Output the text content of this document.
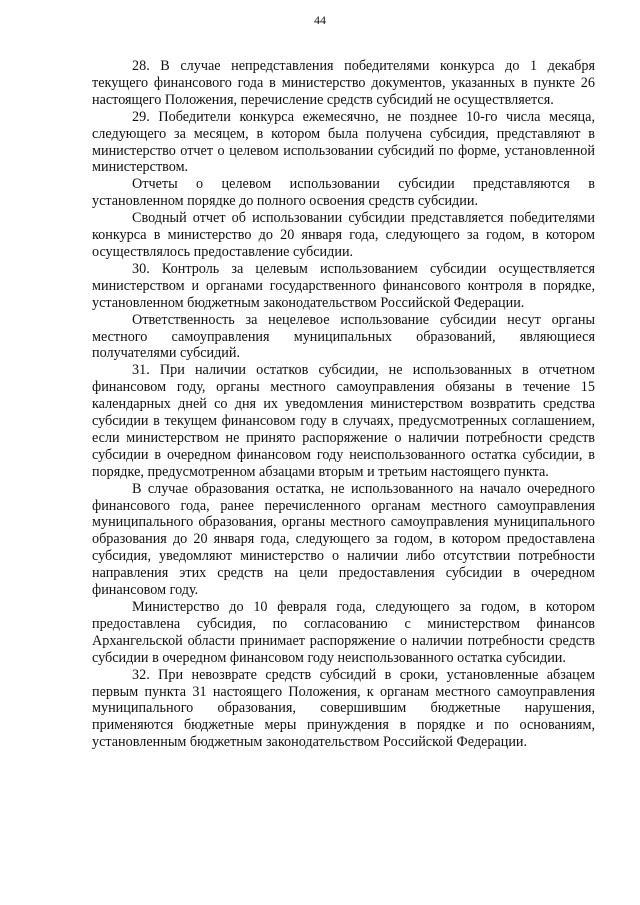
44

28. В случае непредставления победителями конкурса до 1 декабря текущего финансового года в министерство документов, указанных в пункте 26 настоящего Положения, перечисление средств субсидий не осуществляется.

29. Победители конкурса ежемесячно, не позднее 10-го числа месяца, следующего за месяцем, в котором была получена субсидия, представляют в министерство отчет о целевом использовании субсидий по форме, установленной министерством.

Отчеты о целевом использовании субсидии представляются в установленном порядке до полного освоения средств субсидии.

Сводный отчет об использовании субсидии представляется победителями конкурса в министерство до 20 января года, следующего за годом, в котором осуществлялось предоставление субсидии.

30. Контроль за целевым использованием субсидии осуществляется министерством и органами государственного финансового контроля в порядке, установленном бюджетным законодательством Российской Федерации.

Ответственность за нецелевое использование субсидии несут органы местного самоуправления муниципальных образований, являющиеся получателями субсидий.

31. При наличии остатков субсидии, не использованных в отчетном финансовом году, органы местного самоуправления обязаны в течение 15 календарных дней со дня их уведомления министерством возвратить средства субсидии в текущем финансовом году в случаях, предусмотренных соглашением, если министерством не принято распоряжение о наличии потребности средств субсидии в очередном финансовом году неиспользованного остатка субсидии, в порядке, предусмотренном абзацами вторым и третьим настоящего пункта.

В случае образования остатка, не использованного на начало очередного финансового года, ранее перечисленного органам местного самоуправления муниципального образования, органы местного самоуправления муниципального образования до 20 января года, следующего за годом, в котором предоставлена субсидия, уведомляют министерство о наличии либо отсутствии потребности направления этих средств на цели предоставления субсидии в очередном финансовом году.

Министерство до 10 февраля года, следующего за годом, в котором предоставлена субсидия, по согласованию с министерством финансов Архангельской области принимает распоряжение о наличии потребности средств субсидии в очередном финансовом году неиспользованного остатка субсидии.

32. При невозврате средств субсидий в сроки, установленные абзацем первым пункта 31 настоящего Положения, к органам местного самоуправления муниципального образования, совершившим бюджетные нарушения, применяются бюджетные меры принуждения в порядке и по основаниям, установленным бюджетным законодательством Российской Федерации.
